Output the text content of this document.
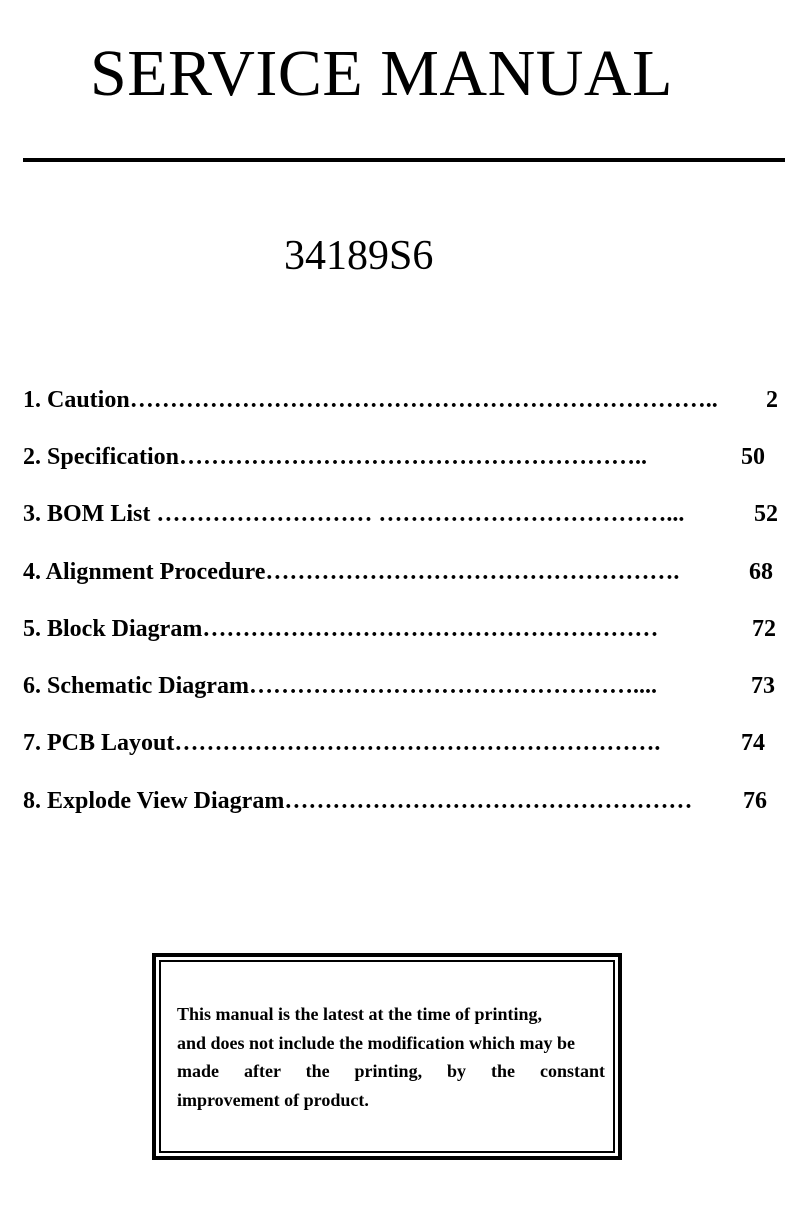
SERVICE MANUAL
34189S6
1. Caution………………………………………………………………..	2
2. Specification…………………………………………………..	50
3. BOM List ……………………… ………………………………...	52
4. Alignment Procedure…………………………………………….	68
5. Block Diagram…………………………………………………	72
6. Schematic Diagram…………………………………………....	73
7. PCB Layout…………………………………………………….	74
8. Explode View Diagram……………………………………………	76

This manual is the latest at the time of printing,
and does not include the modification which may be
made after the printing, by the constant
improvement of product.
